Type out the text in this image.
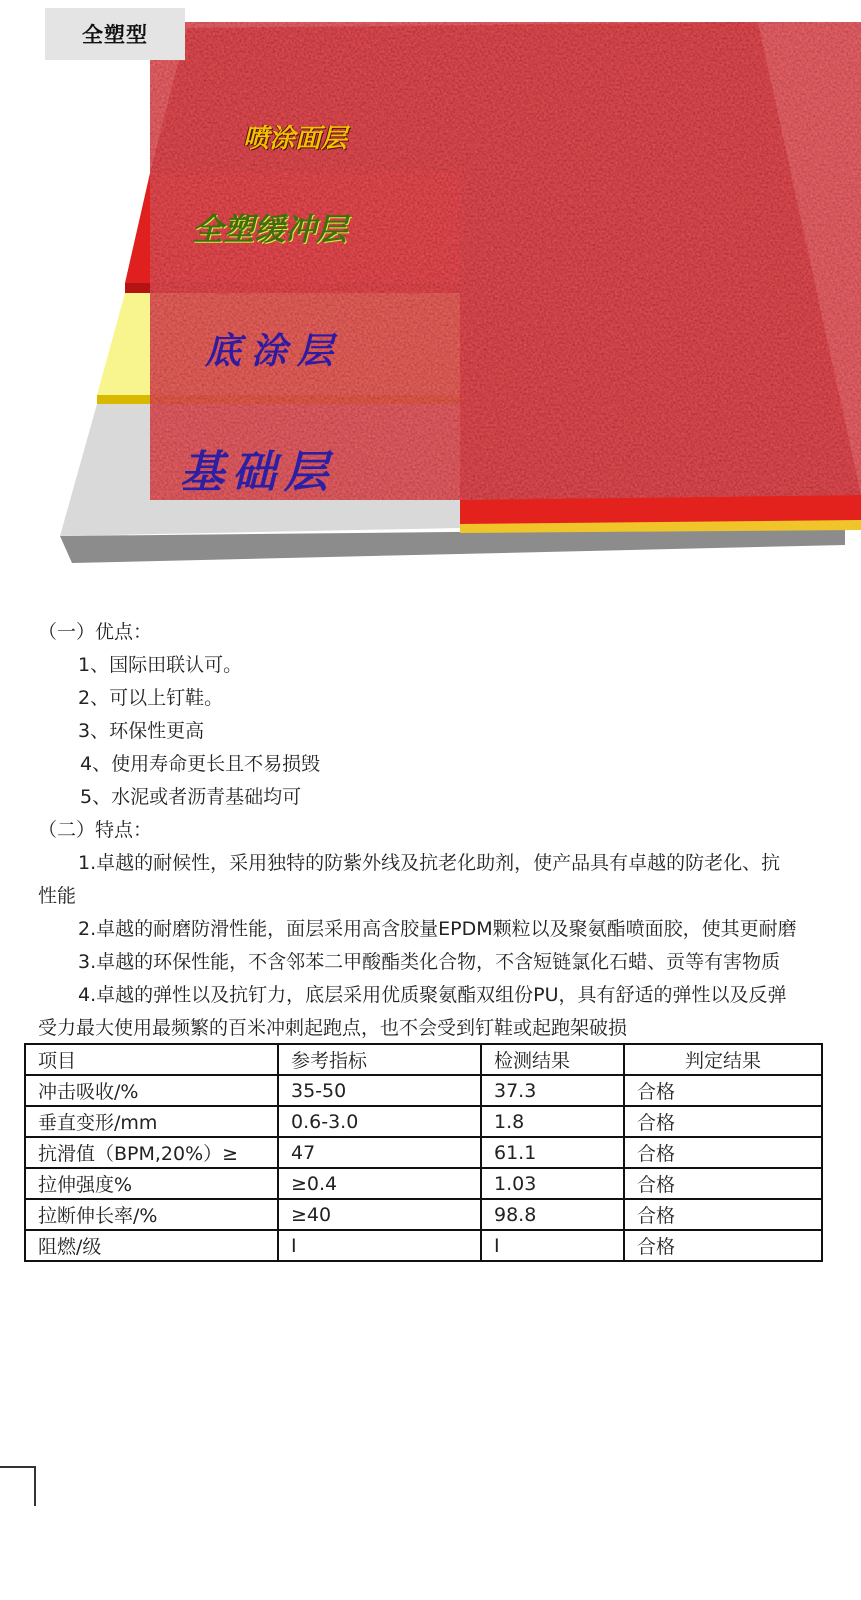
全塑型
喷涂面层
全塑缓冲层
底涂层
基础层
（一）优点：
1、国际田联认可。
2、可以上钉鞋。
3、环保性更高
4、使用寿命更长且不易损毁
5、水泥或者沥青基础均可
（二）特点：
1.卓越的耐候性，采用独特的防紫外线及抗老化助剂，使产品具有卓越的防老化、抗
性能
2.卓越的耐磨防滑性能，面层采用高含胶量EPDM颗粒以及聚氨酯喷面胶，使其更耐磨
3.卓越的环保性能，不含邻苯二甲酸酯类化合物，不含短链氯化石蜡、贡等有害物质
4.卓越的弹性以及抗钉力，底层采用优质聚氨酯双组份PU，具有舒适的弹性以及反弹
受力最大使用最频繁的百米冲刺起跑点，也不会受到钉鞋或起跑架破损
项目	参考指标	检测结果	判定结果
冲击吸收/%	35-50	37.3	合格
垂直变形/mm	0.6-3.0	1.8	合格
抗滑值（BPM,20%）≥	47	61.1	合格
拉伸强度%	≥0.4	1.03	合格
拉断伸长率/%	≥40	98.8	合格
阻燃/级	Ⅰ	Ⅰ	合格
